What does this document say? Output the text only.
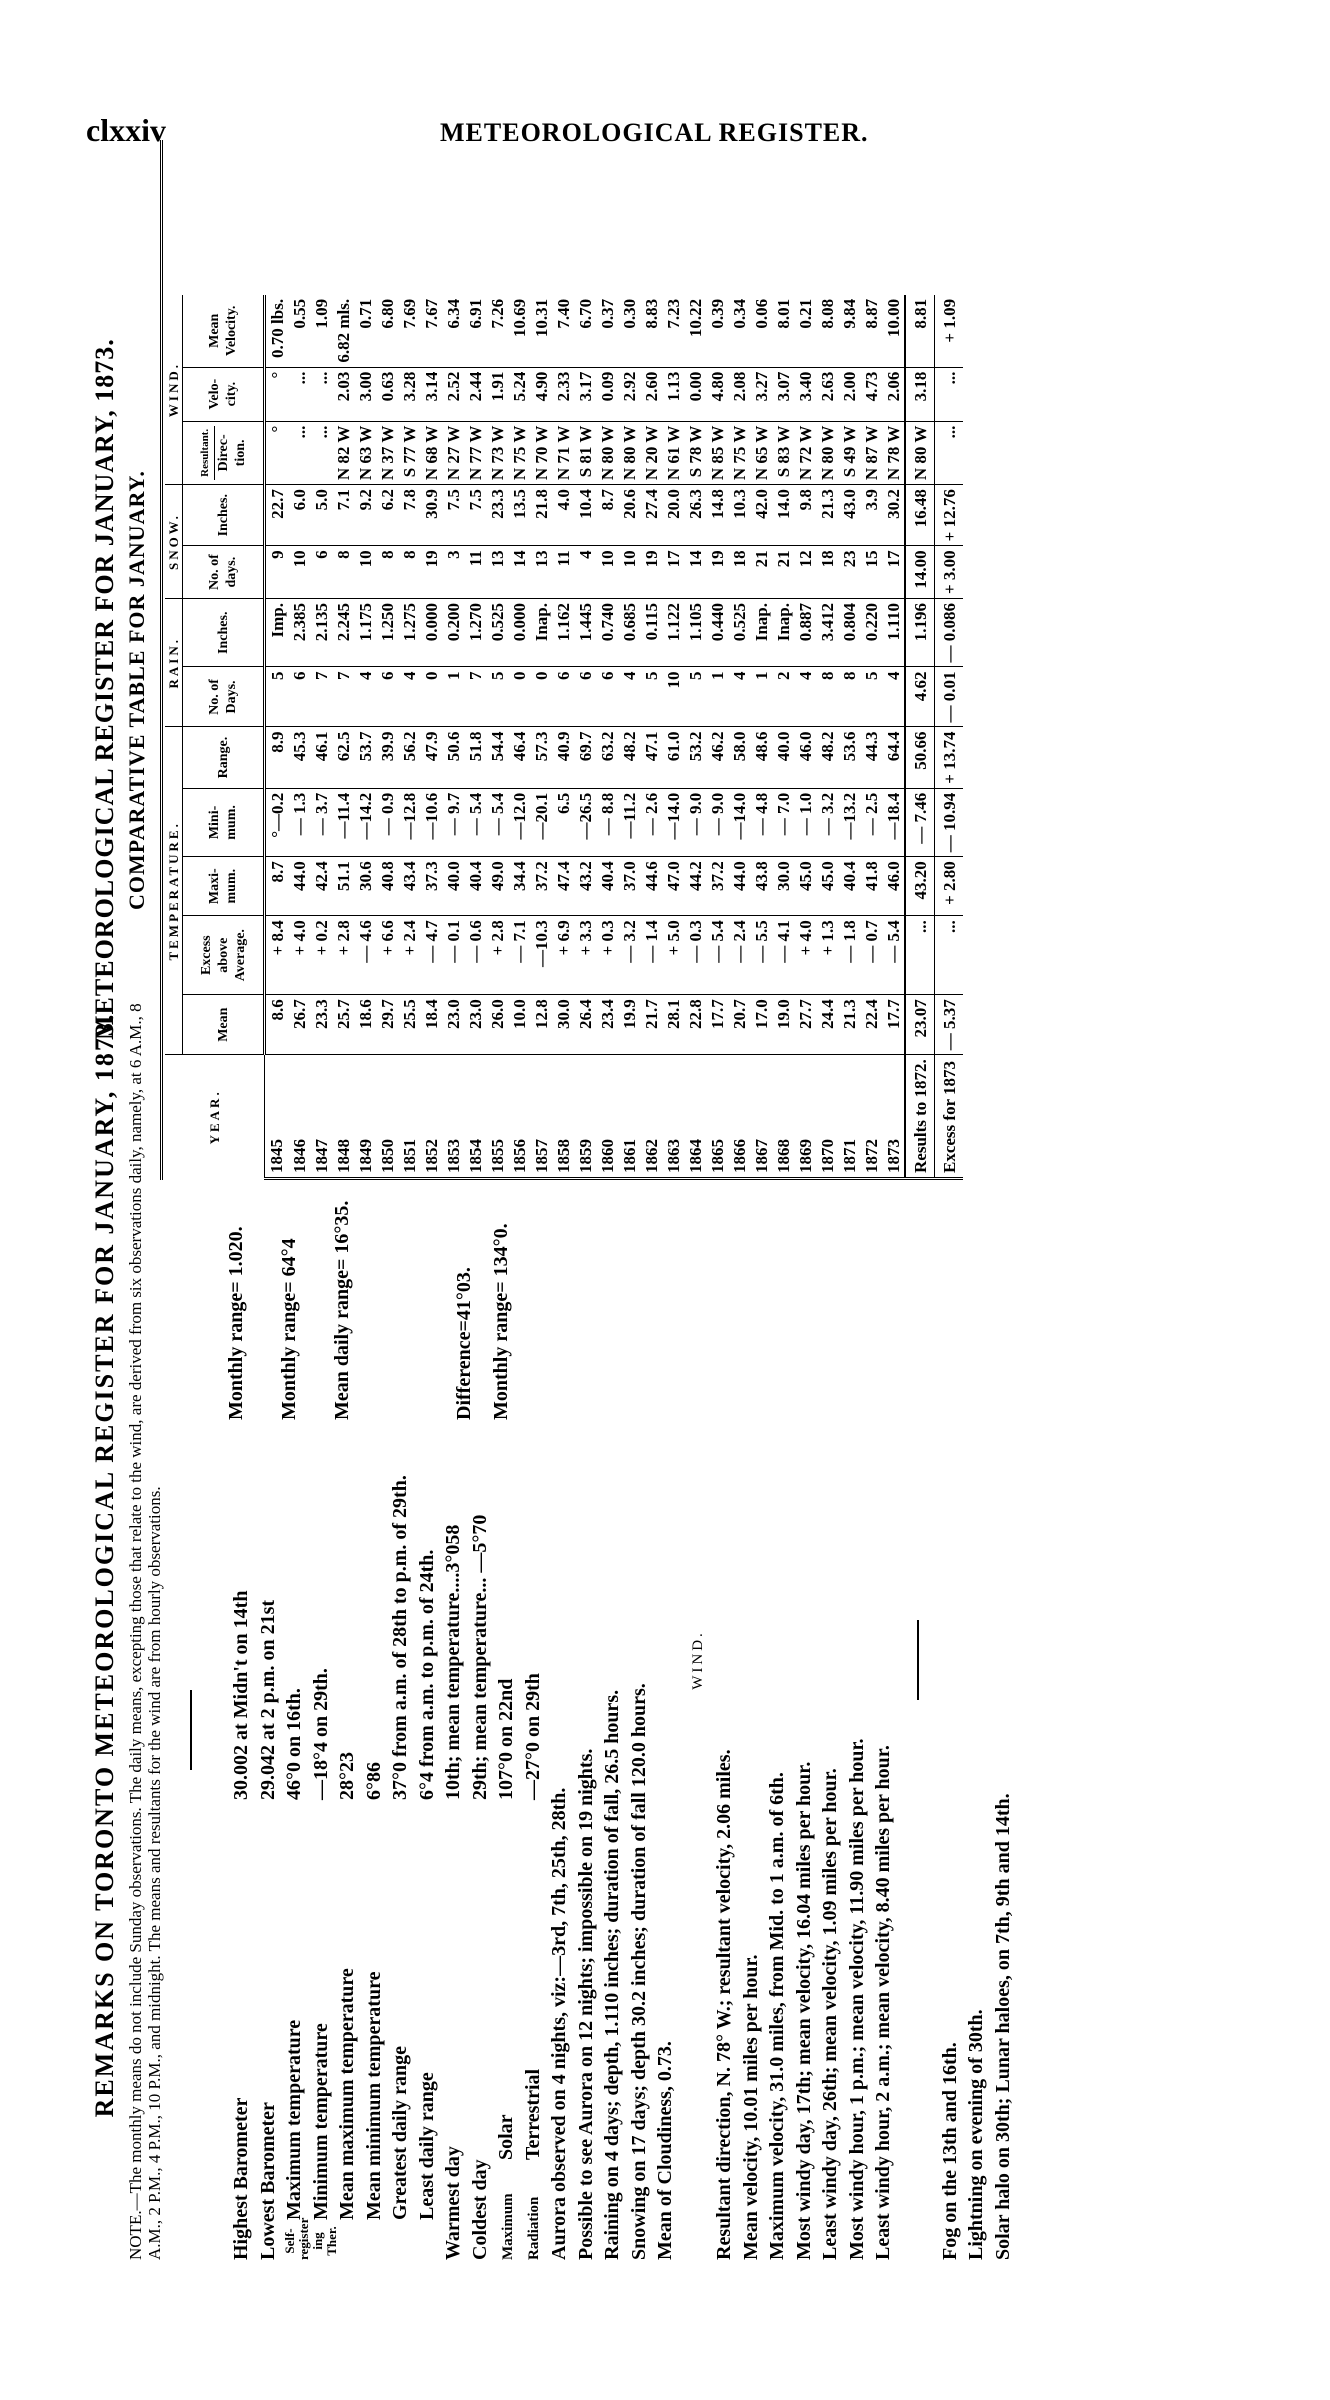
clxxiv	METEOROLOGICAL REGISTER.
REMARKS ON TORONTO METEOROLOGICAL REGISTER FOR JANUARY, 1873. NOTE.—The monthly means do not include Sunday observations. The daily means, excepting those that relate to the wind, are derived from six observations daily, namely, at 6 A.M., 8 A.M., 2 P.M., 4 P.M., 10 P.M., and midnight. The means and resultants for the wind are from hourly observations.	Highest Barometer
30.002 at Midn't on 14th
Lowest Barometer
29.042 at 2 p.m. on 21st
Monthly range= 1.020.
Self-register ing Ther.
Maximum temperature
46°0 on 16th.
Minimum temperature
—18°4 on 29th.
Monthly range= 64°4
Mean maximum temperature
28°23
Mean minimum temperature
6°86
Mean daily range= 16°35.
Greatest daily range
37°0 from a.m. of 28th to p.m. of 29th.
Least daily range
6°4 from a.m. to p.m. of 24th.
Warmest day
10th; mean temperature....3°058
Coldest day
29th; mean temperature... —5°70
Difference=41°03.
Maximum Radiation
Solar
107°0 on 22nd
Terrestrial
—27°0 on 29th
Monthly range= 134°0.
Aurora observed on 4 nights, viz:—3rd, 7th, 25th, 28th. Possible to see Aurora on 12 nights; impossible on 19 nights. Raining on 4 days; depth, 1.110 inches; duration of fall, 26.5 hours. Snowing on 17 days; depth 30.2 inches; duration of fall 120.0 hours. Mean of Cloudiness, 0.73.
WIND.
Resultant direction, N. 78° W.; resultant velocity, 2.06 miles. Mean velocity, 10.01 miles per hour. Maximum velocity, 31.0 miles, from Mid. to 1 a.m. of 6th. Most windy day, 17th; mean velocity, 16.04 miles per hour. Least windy day, 26th; mean velocity, 1.09 miles per hour. Most windy hour, 1 p.m.; mean velocity, 11.90 miles per hour. Least windy hour, 2 a.m.; mean velocity, 8.40 miles per hour. Fog on the 13th and 16th. Lightning on evening of 30th. Solar halo on 30th; Lunar haloes, on 7th, 9th and 14th.
METEOROLOGICAL REGISTER FOR JANUARY, 1873. COMPARATIVE TABLE FOR JANUARY.
YEAR.	TEMPERATURE.					RAIN.		SNOW.		WIND.		
	Mean	Excess above Average.	Maxi- mum.	Mini- mum.	Range.	No. of Days.	Inches.	No. of days.	Inches.	Resultant. Direc- tion.	Velo- city.	Mean Velocity.
1845	8.6	+ 8.4	8.7	°—0.2	8.9	5	Imp.	9	22.7	°	°	0.70 lbs.
1846	26.7	+ 4.0	44.0	— 1.3	45.3	6	2.385	10	6.0	...	...	0.55
1847	23.3	+ 0.2	42.4	— 3.7	46.1	7	2.135	6	5.0	...	...	1.09
1848	25.7	+ 2.8	51.1	—11.4	62.5	7	2.245	8	7.1	N 82 W	2.03	6.82 mls.
1849	18.6	— 4.6	30.6	—14.2	53.7	4	1.175	10	9.2	N 63 W	3.00	0.71
1850	29.7	+ 6.6	40.8	— 0.9	39.9	6	1.250	8	6.2	N 37 W	0.63	6.80
1851	25.5	+ 2.4	43.4	—12.8	56.2	4	1.275	8	7.8	S 77 W	3.28	7.69
1852	18.4	— 4.7	37.3	—10.6	47.9	0	0.000	19	30.9	N 68 W	3.14	7.67
1853	23.0	— 0.1	40.0	— 9.7	50.6	1	0.200	3	7.5	N 27 W	2.52	6.34
1854	23.0	— 0.6	40.4	— 5.4	51.8	7	1.270	11	7.5	N 77 W	2.44	6.91
1855	26.0	+ 2.8	49.0	— 5.4	54.4	5	0.525	13	23.3	N 73 W	1.91	7.26
1856	10.0	— 7.1	34.4	—12.0	46.4	0	0.000	14	13.5	N 75 W	5.24	10.69
1857	12.8	—10.3	37.2	—20.1	57.3	0	Inap.	13	21.8	N 70 W	4.90	10.31
1858	30.0	+ 6.9	47.4	6.5	40.9	6	1.162	11	4.0	N 71 W	2.33	7.40
1859	26.4	+ 3.3	43.2	—26.5	69.7	6	1.445	4	10.4	S 81 W	3.17	6.70
1860	23.4	+ 0.3	40.4	— 8.8	63.2	6	0.740	10	8.7	N 80 W	0.09	0.37
1861	19.9	— 3.2	37.0	—11.2	48.2	4	0.685	10	20.6	N 80 W	2.92	0.30
1862	21.7	— 1.4	44.6	— 2.6	47.1	5	0.115	19	27.4	N 20 W	2.60	8.83
1863	28.1	+ 5.0	47.0	—14.0	61.0	10	1.122	17	20.0	N 61 W	1.13	7.23
1864	22.8	— 0.3	44.2	— 9.0	53.2	5	1.105	14	26.3	S 78 W	0.00	10.22
1865	17.7	— 5.4	37.2	— 9.0	46.2	1	0.440	19	14.8	N 85 W	4.80	0.39
1866	20.7	— 2.4	44.0	—14.0	58.0	4	0.525	18	10.3	N 75 W	2.08	0.34
1867	17.0	— 5.5	43.8	— 4.8	48.6	1	Inap.	21	42.0	N 65 W	3.27	0.06
1868	19.0	— 4.1	30.0	— 7.0	40.0	2	Inap.	21	14.0	S 83 W	3.07	8.01
1869	27.7	+ 4.0	45.0	— 1.0	46.0	4	0.887	12	9.8	N 72 W	3.40	0.21
1870	24.4	+ 1.3	45.0	— 3.2	48.2	8	3.412	18	21.3	N 80 W	2.63	8.08
1871	21.3	— 1.8	40.4	—13.2	53.6	8	0.804	23	43.0	S 49 W	2.00	9.84
1872	22.4	— 0.7	41.8	— 2.5	44.3	5	0.220	15	3.9	N 87 W	4.73	8.87
1873	17.7	— 5.4	46.0	—18.4	64.4	4	1.110	17	30.2	N 78 W	2.06	10.00
Results to 1872.	23.07	...	43.20	— 7.46	50.66	4.62	1.196	14.00	16.48	N 80 W	3.18	8.81
Excess for 1873	— 5.37	...	+ 2.80	— 10.94	+ 13.74	— 0.01	— 0.086	+ 3.00	+ 12.76	...	...	+ 1.09
